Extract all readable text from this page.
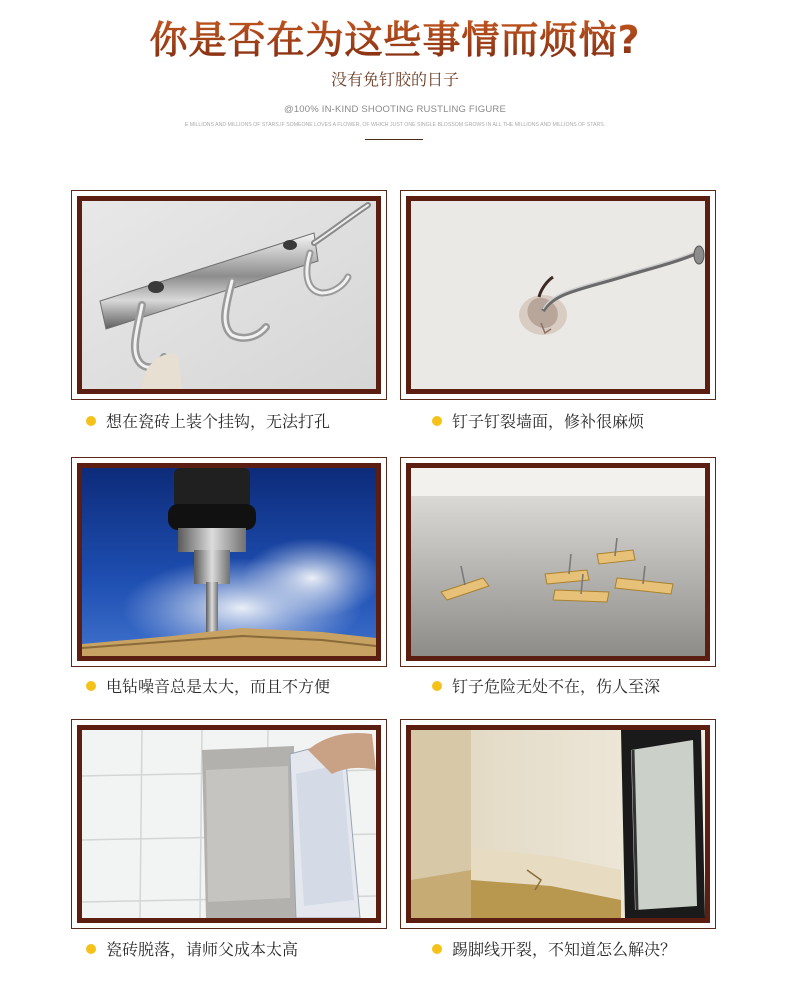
你是否在为这些事情而烦恼?
没有免钉胶的日子
@100% IN-KIND SHOOTING RUSTLING FIGURE
E MILLIONS AND MILLIONS OF STARS.IF SOMEONE LOVES A FLOWER, OF WHICH JUST ONE SINGLE BLOSSOM GROWS IN ALL THE MILLIONS AND MILLIONS OF STARS.
想在瓷砖上装个挂钩，无法打孔	钉子钉裂墙面，修补很麻烦
电钻噪音总是太大，而且不方便	钉子危险无处不在，伤人至深
瓷砖脱落，请师父成本太高	踢脚线开裂，不知道怎么解决？
